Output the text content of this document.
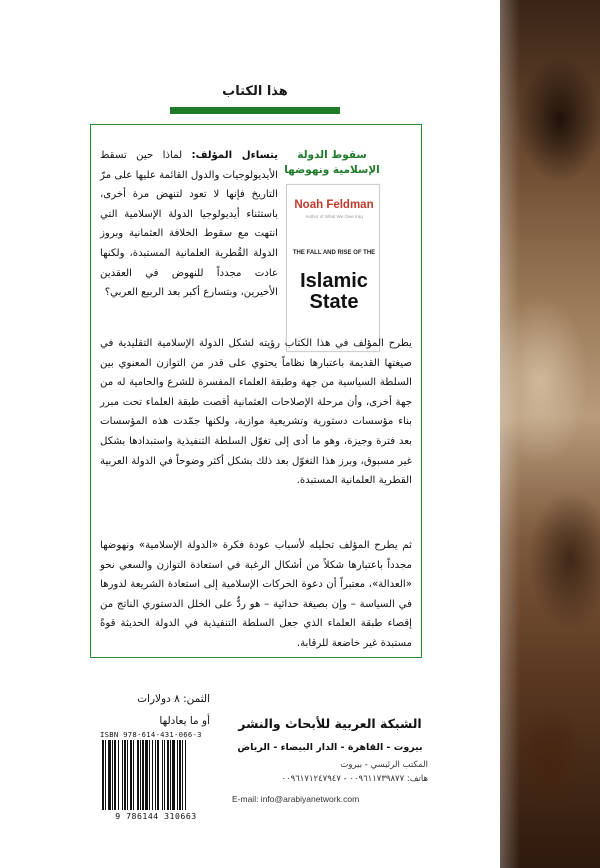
هذا الكتاب
سقوط الدولة الإسلامية ونهوضها
Noah Feldman
Author of What We Owe Iraq
THE FALL AND RISE OF THE
Islamic State
يتساءل المؤلف: لماذا حين تسقط الأيديولوجيات والدول القائمة عليها على مرّ التاريخ فإنها لا تعود لتنهض مرة أخرى، باستثناء أيديولوجيا الدولة الإسلامية التي انتهت مع سقوط الخلافة العثمانية وبروز الدولة القُطرية العلمانية المستبدة، ولكنها عادت مجدداً للنهوض في العقدين الأخيرين، وبتسارع أكبر بعد الربيع العربي؟
يطرح المؤلف في هذا الكتاب رؤيته لشكل الدولة الإسلامية التقليدية في صيغتها القديمة باعتبارها نظاماً يحتوي على قدر من التوازن المعنوي بين السلطة السياسية من جهة وطبقة العلماء المفسرة للشرع والحامية له من جهة أخرى، وأن مرحلة الإصلاحات العثمانية أقصت طبقة العلماء تحت مبرر بناء مؤسسات دستورية وتشريعية موازية، ولكنها جمّدت هذه المؤسسات بعد فترة وجيزة، وهو ما أدى إلى تغوّل السلطة التنفيذية واستبدادها بشكل غير مسبوق، وبرز هذا التغوّل بعد ذلك بشكل أكثر وضوحاً في الدولة العربية القطرية العلمانية المستبدة.
ثم يطرح المؤلف تحليله لأسباب عودة فكرة «الدولة الإسلامية» ونهوضها مجدداً باعتبارها شكلاً من أشكال الرغبة في استعادة التوازن والسعي نحو «العدالة»، معتبراً أن دعوة الحركات الإسلامية إلى استعادة الشريعة لدورها في السياسة – وإن بصيغة حداثية – هو ردٌّ على الخلل الدستوري الناتج من إقصاء طبقة العلماء الذي جعل السلطة التنفيذية في الدولة الحديثة قوةً مستبدة غير خاضعة للرقابة.
الثمن: ٨ دولارات
أو ما يعادلها
ISBN 978-614-431-066-3
9 786144 310663
الشبكة العربية للأبحاث والنشر
بيروت - القاهرة - الدار البيضاء - الرياض
المكتب الرئيسي - بيروت
هاتف: ٠٠٩٦١١٧٣٩٨٧٧ - ٠٠٩٦١٧١٢٤٧٩٤٧
E-mail: info@arabiyanetwork.com
